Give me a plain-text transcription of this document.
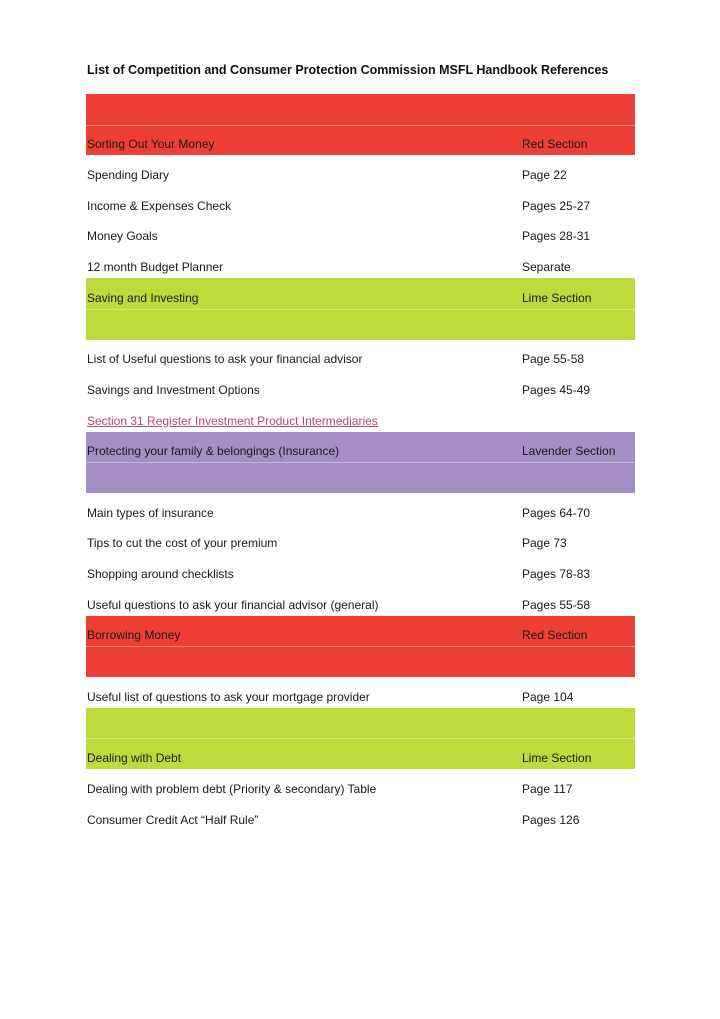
List of Competition and Consumer Protection Commission MSFL Handbook References
Sorting Out Your Money	Red Section
Spending Diary	Page 22
Income & Expenses Check	Pages 25-27
Money Goals	Pages 28-31
12 month Budget Planner	Separate
Saving and Investing	Lime Section
List of Useful questions to ask your financial advisor	Page 55-58
Savings and Investment Options	Pages 45-49
Section 31 Register Investment Product Intermediaries
Protecting your family & belongings (Insurance)	Lavender Section
Main types of insurance	Pages 64-70
Tips to cut the cost of your premium	Page 73
Shopping around checklists	Pages 78-83
Useful questions to ask your financial advisor (general)	Pages 55-58
Borrowing Money	Red Section
Useful list of questions to ask your mortgage provider	Page 104
Dealing with Debt	Lime Section
Dealing with problem debt (Priority & secondary) Table	Page 117
Consumer Credit Act “Half Rule”	Pages 126
